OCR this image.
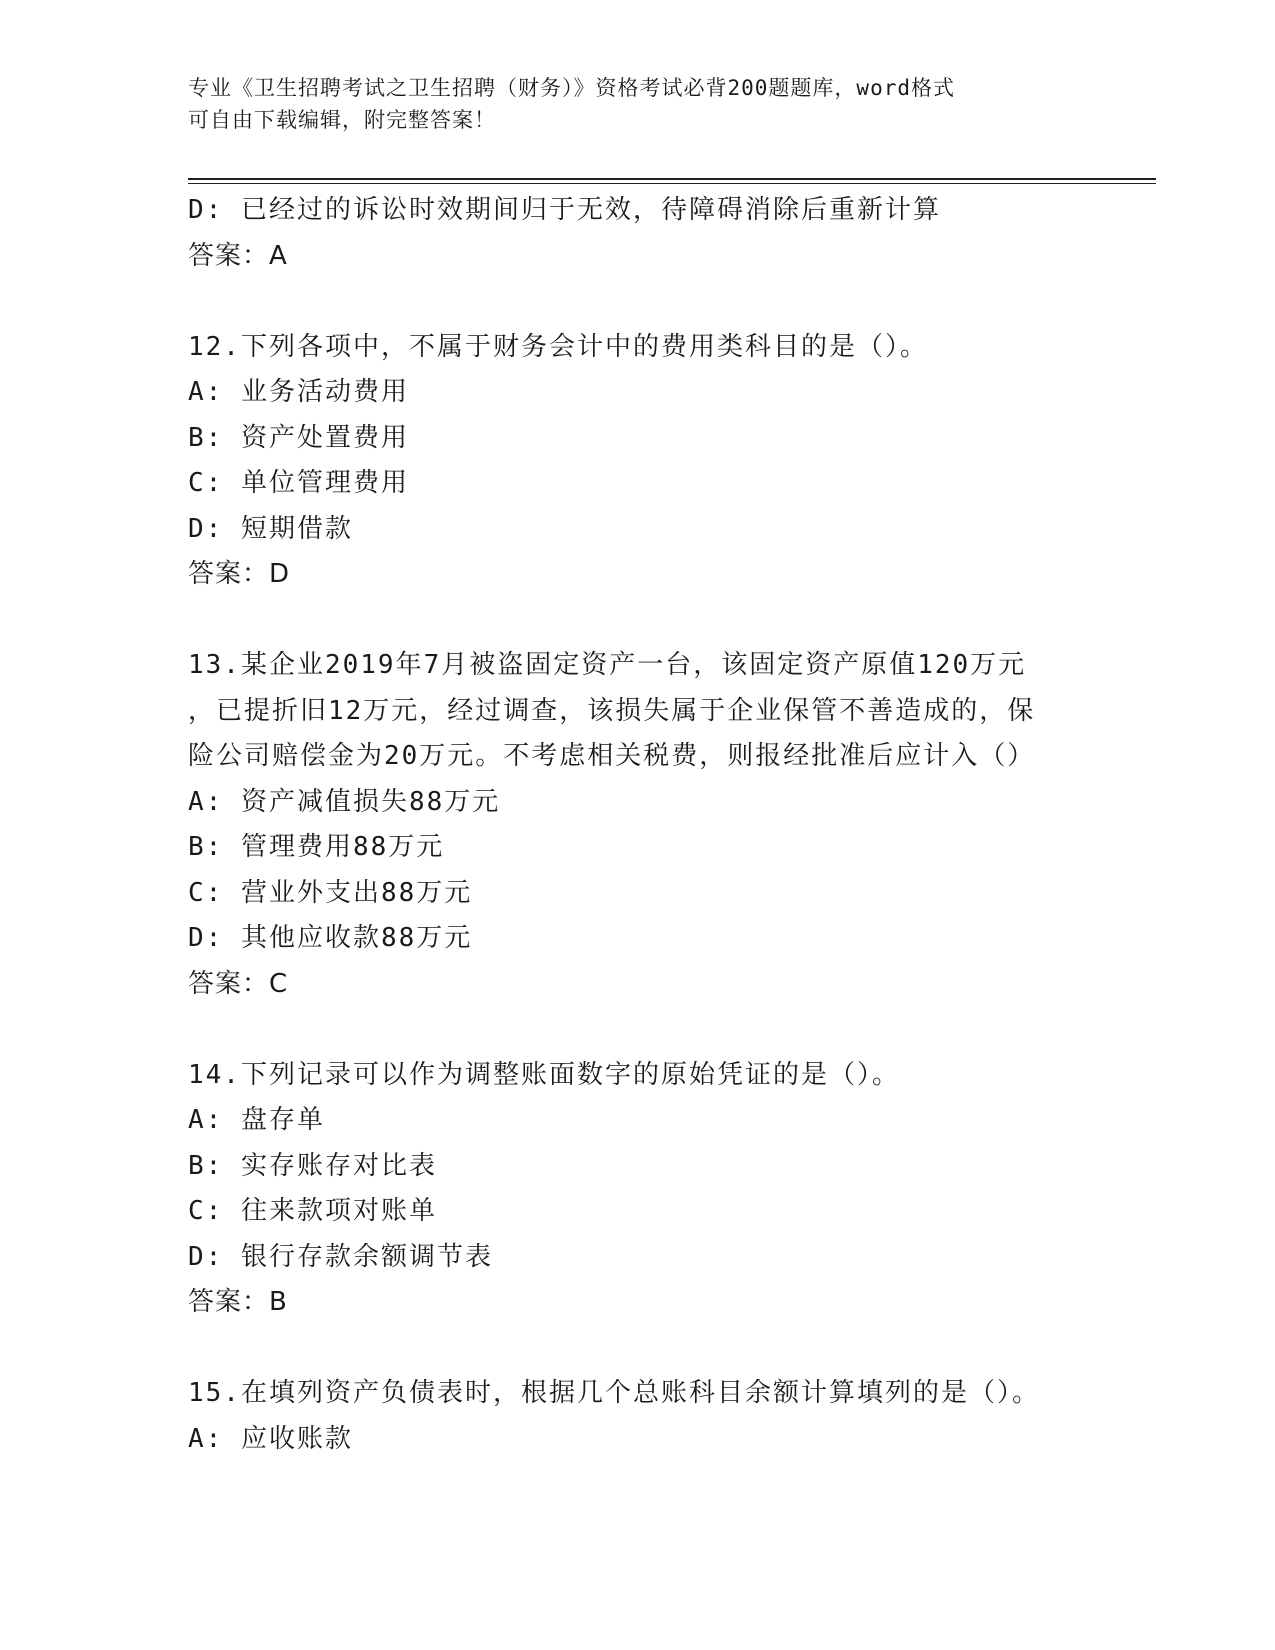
专业《卫生招聘考试之卫生招聘（财务）》资格考试必背200题题库，word格式
可自由下载编辑，附完整答案！
D: 已经过的诉讼时效期间归于无效，待障碍消除后重新计算
答案：A
12.下列各项中，不属于财务会计中的费用类科目的是（）。
A: 业务活动费用
B: 资产处置费用
C: 单位管理费用
D: 短期借款
答案：D
13.某企业2019年7月被盗固定资产一台，该固定资产原值120万元
，已提折旧12万元，经过调查，该损失属于企业保管不善造成的，保
险公司赔偿金为20万元。不考虑相关税费，则报经批准后应计入（）
A: 资产减值损失88万元
B: 管理费用88万元
C: 营业外支出88万元
D: 其他应收款88万元
答案：C
14.下列记录可以作为调整账面数字的原始凭证的是（）。
A: 盘存单
B: 实存账存对比表
C: 往来款项对账单
D: 银行存款余额调节表
答案：B
15.在填列资产负债表时，根据几个总账科目余额计算填列的是（）。
A: 应收账款
